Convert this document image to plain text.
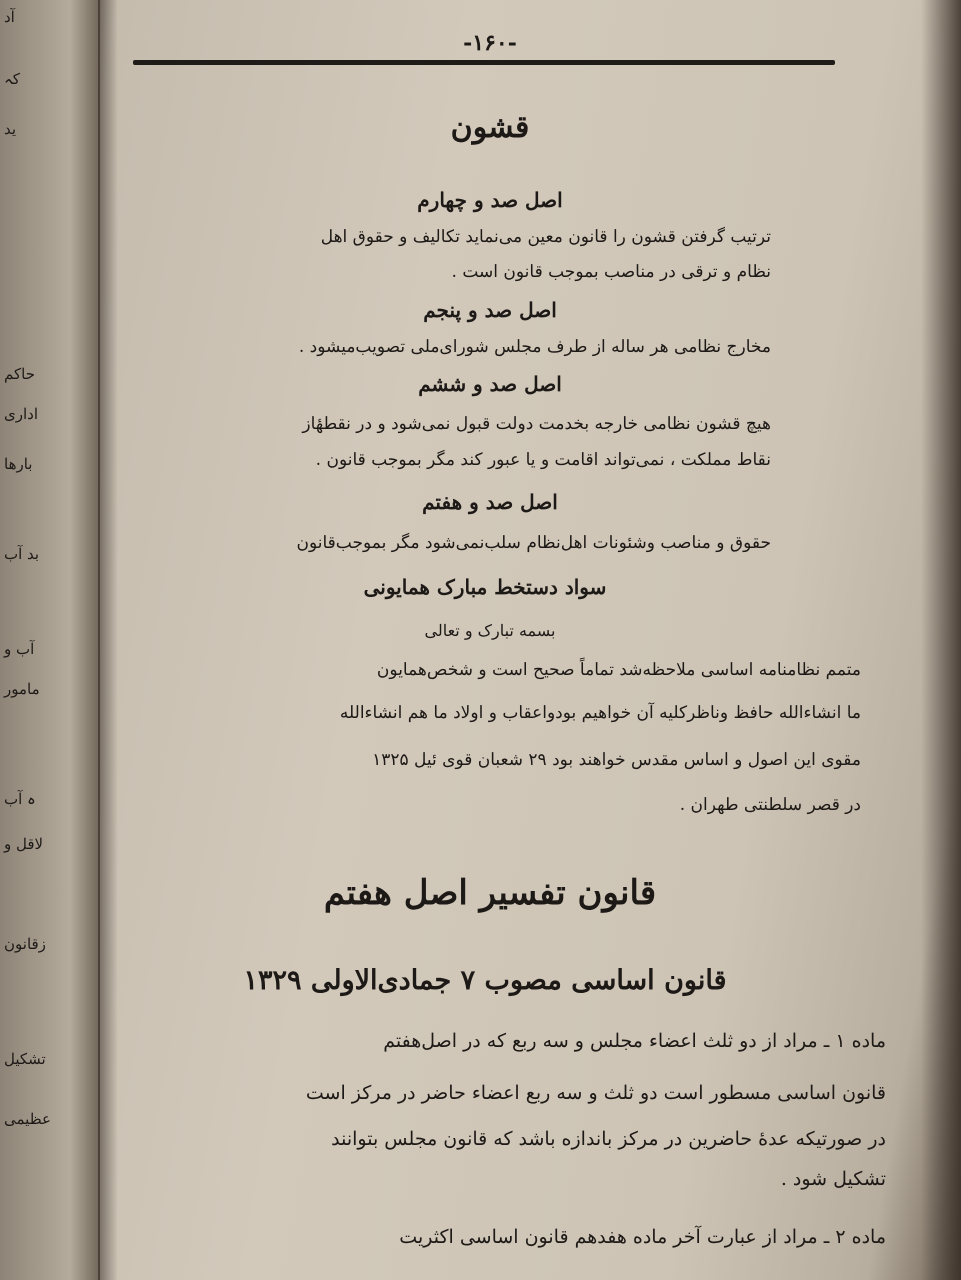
آد
کہ
ید
حاکم
اداری
بارها
بد آب
آب و
مامور
ہ آب
لاقل و
زقانون
تشکیل
عظیمی
-۱۶۰-
قشون
اصل صد و چهارم
ترتیب گرفتن قشون را قانون معین می‌نماید تکالیف و حقوق اهل
نظام و ترقی در مناصب بموجب قانون است .
اصل صد و پنجم
مخارج نظامی هر ساله از طرف مجلس شورای‌ملی تصویب‌میشود .
اصل صد و ششم
هیچ قشون نظامی خارجه بخدمت دولت قبول نمی‌شود و در نقطهٔاز
نقاط مملکت ، نمی‌تواند اقامت و یا عبور کند مگر بموجب قانون .
اصل صد و هفتم
حقوق و مناصب وشئونات اهل‌نظام سلب‌نمی‌شود مگر بموجب‌قانون
سواد دستخط مبارک همایونی
بسمه تبارک و تعالی
متمم نظامنامه اساسی ملاحظه‌شد تماماً صحیح است و شخص‌همایون
ما انشاءالله حافظ وناظرکلیه آن خواهیم بودواعقاب و اولاد ما هم انشاءالله
مقوی این اصول و اساس مقدس خواهند بود ۲۹ شعبان قوی ئیل ۱۳۲۵
در قصر سلطنتی طهران .
قانون تفسیر اصل هفتم
قانون اساسی مصوب ۷ جمادی‌الاولی ۱۳۲۹
ماده ۱ ـ مراد از دو ثلث اعضاء مجلس و سه ربع که در اصل‌هفتم
قانون اساسی مسطور است دو ثلث و سه ربع اعضاء حاضر در مرکز است
در صورتیکه عدهٔ حاضرین در مرکز باندازه باشد که قانون مجلس بتوانند
تشکیل شود .
ماده ۲ ـ مراد از عبارت آخر ماده هفدهم قانون اساسی اکثریت
